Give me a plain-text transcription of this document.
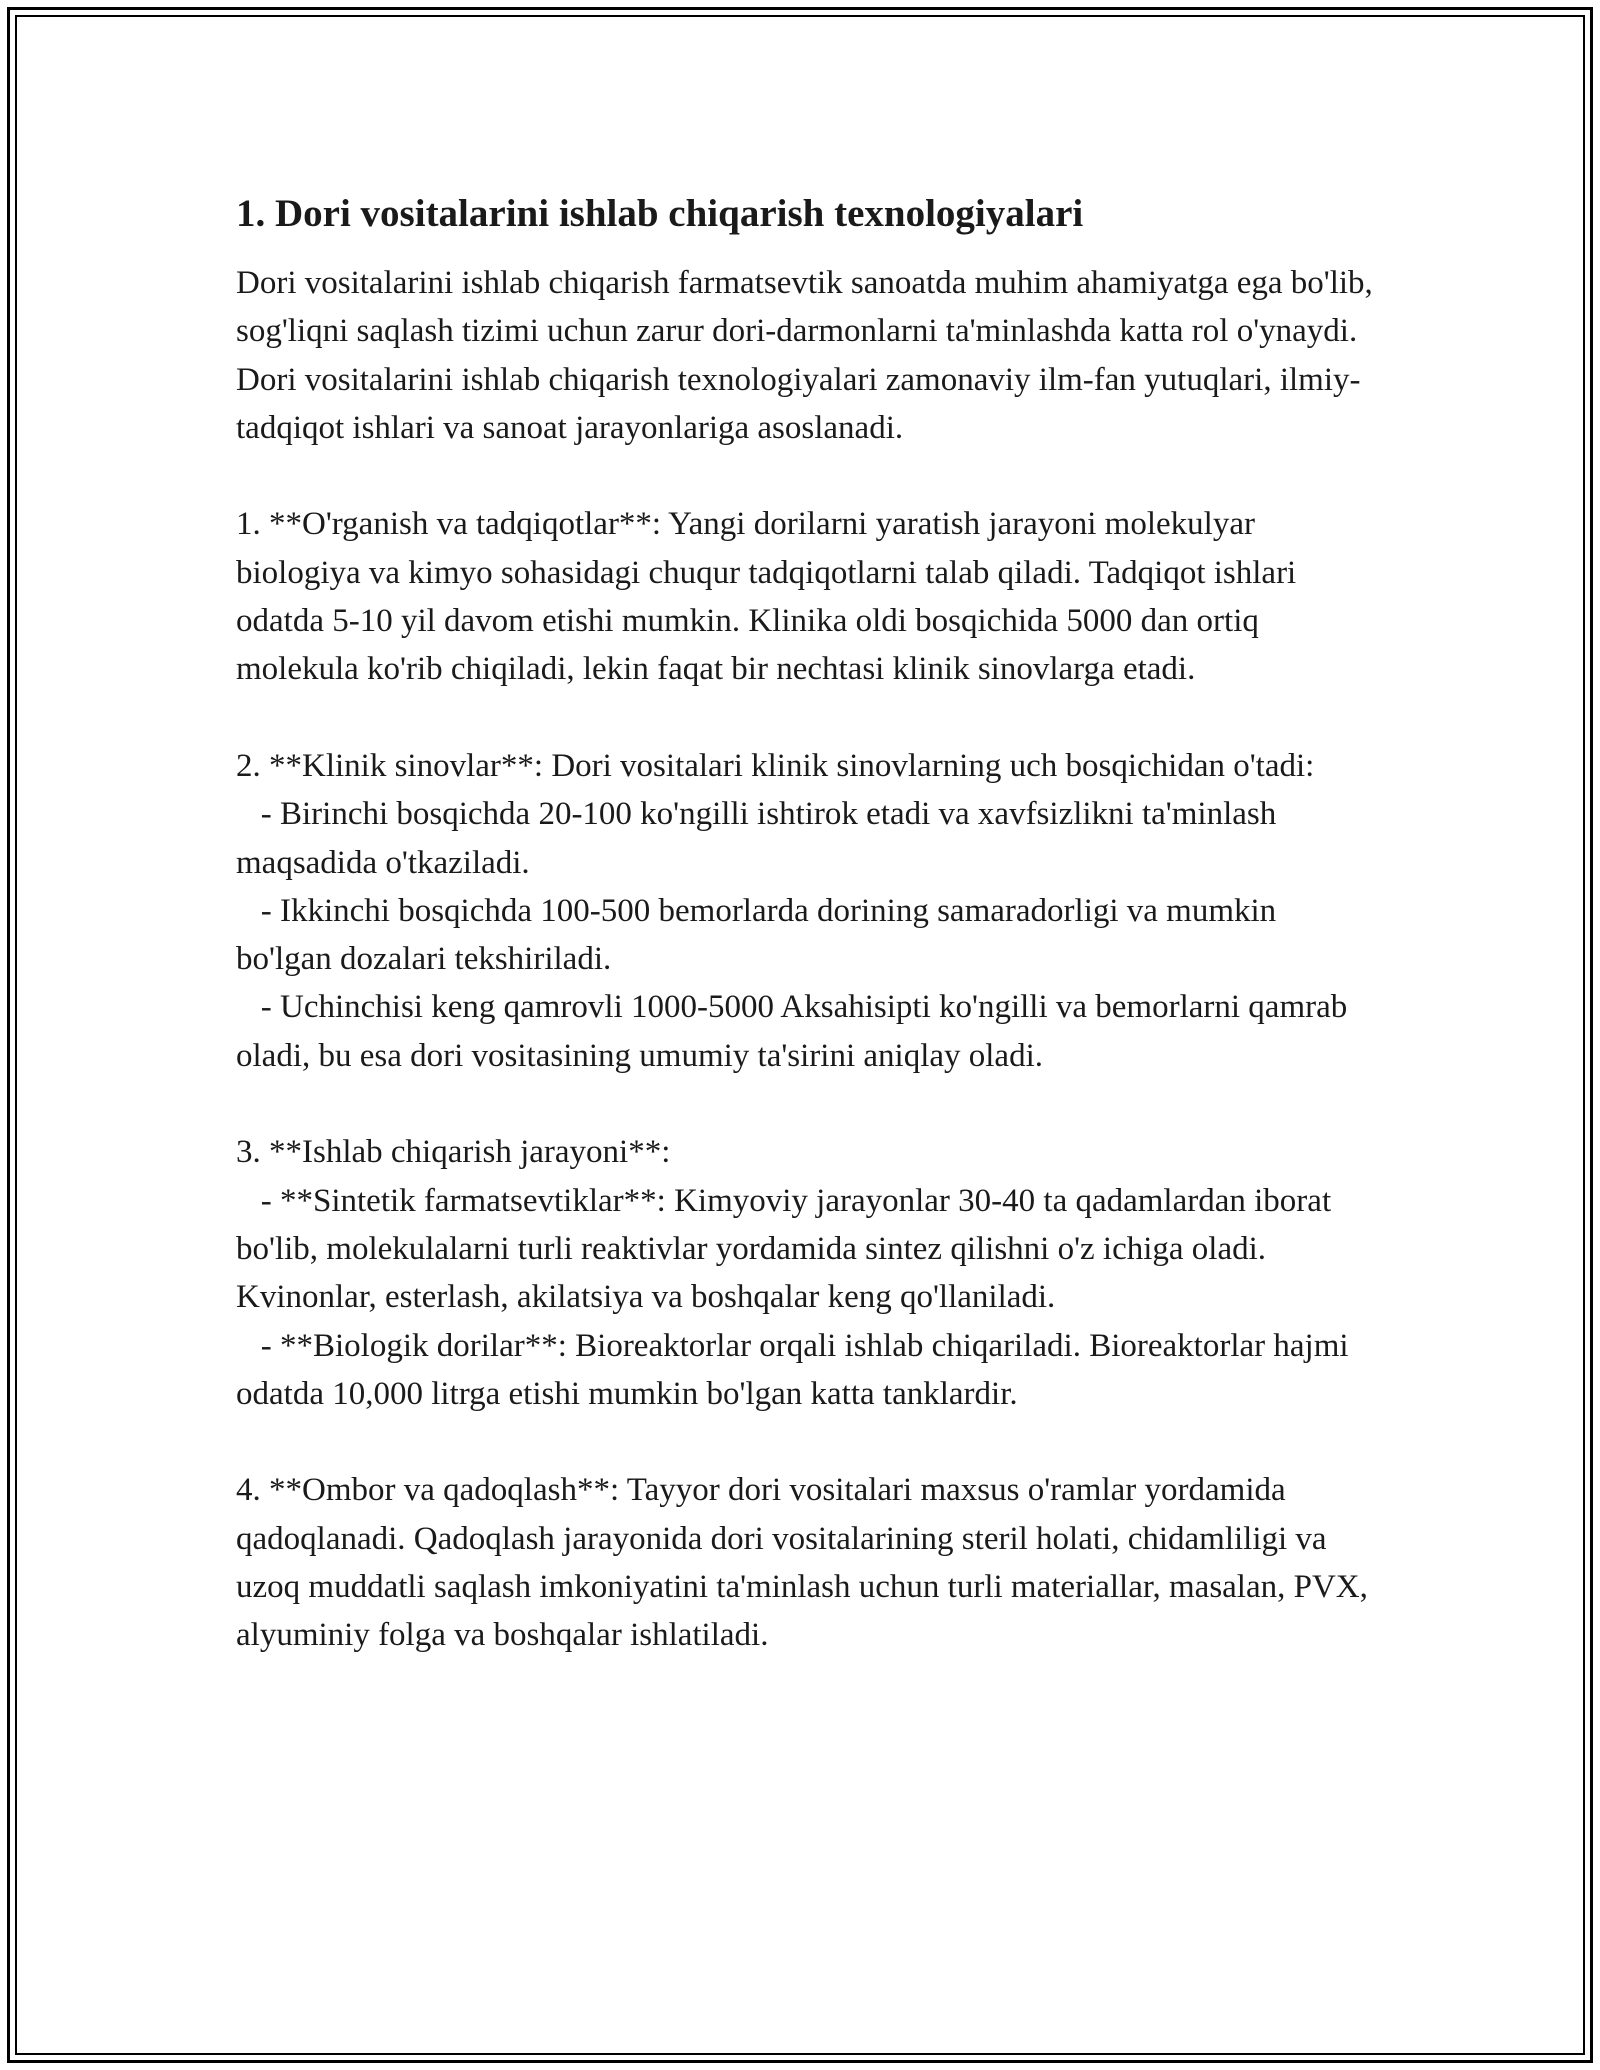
1. Dori vositalarini ishlab chiqarish texnologiyalari

Dori vositalarini ishlab chiqarish farmatsevtik sanoatda muhim ahamiyatga ega bo'lib, sog'liqni saqlash tizimi uchun zarur dori-darmonlarni ta'minlashda katta rol o'ynaydi. Dori vositalarini ishlab chiqarish texnologiyalari zamonaviy ilm-fan yutuqlari, ilmiy-tadqiqot ishlari va sanoat jarayonlariga asoslanadi.

1. **O'rganish va tadqiqotlar**: Yangi dorilarni yaratish jarayoni molekulyar biologiya va kimyo sohasidagi chuqur tadqiqotlarni talab qiladi. Tadqiqot ishlari odatda 5-10 yil davom etishi mumkin. Klinika oldi bosqichida 5000 dan ortiq molekula ko'rib chiqiladi, lekin faqat bir nechtasi klinik sinovlarga etadi.

2. **Klinik sinovlar**: Dori vositalari klinik sinovlarning uch bosqichidan o'tadi:

- Birinchi bosqichda 20-100 ko'ngilli ishtirok etadi va xavfsizlikni ta'minlash maqsadida o'tkaziladi.

- Ikkinchi bosqichda 100-500 bemorlarda dorining samaradorligi va mumkin bo'lgan dozalari tekshiriladi.

- Uchinchisi keng qamrovli 1000-5000 Aksahisipti ko'ngilli va bemorlarni qamrab oladi, bu esa dori vositasining umumiy ta'sirini aniqlay oladi.

3. **Ishlab chiqarish jarayoni**:

- **Sintetik farmatsevtiklar**: Kimyoviy jarayonlar 30-40 ta qadamlardan iborat bo'lib, molekulalarni turli reaktivlar yordamida sintez qilishni o'z ichiga oladi. Kvinonlar, esterlash, akilatsiya va boshqalar keng qo'llaniladi.

- **Biologik dorilar**: Bioreaktorlar orqali ishlab chiqariladi. Bioreaktorlar hajmi odatda 10,000 litrga etishi mumkin bo'lgan katta tanklardir.

4. **Ombor va qadoqlash**: Tayyor dori vositalari maxsus o'ramlar yordamida qadoqlanadi. Qadoqlash jarayonida dori vositalarining steril holati, chidamliligi va uzoq muddatli saqlash imkoniyatini ta'minlash uchun turli materiallar, masalan, PVX, alyuminiy folga va boshqalar ishlatiladi.
